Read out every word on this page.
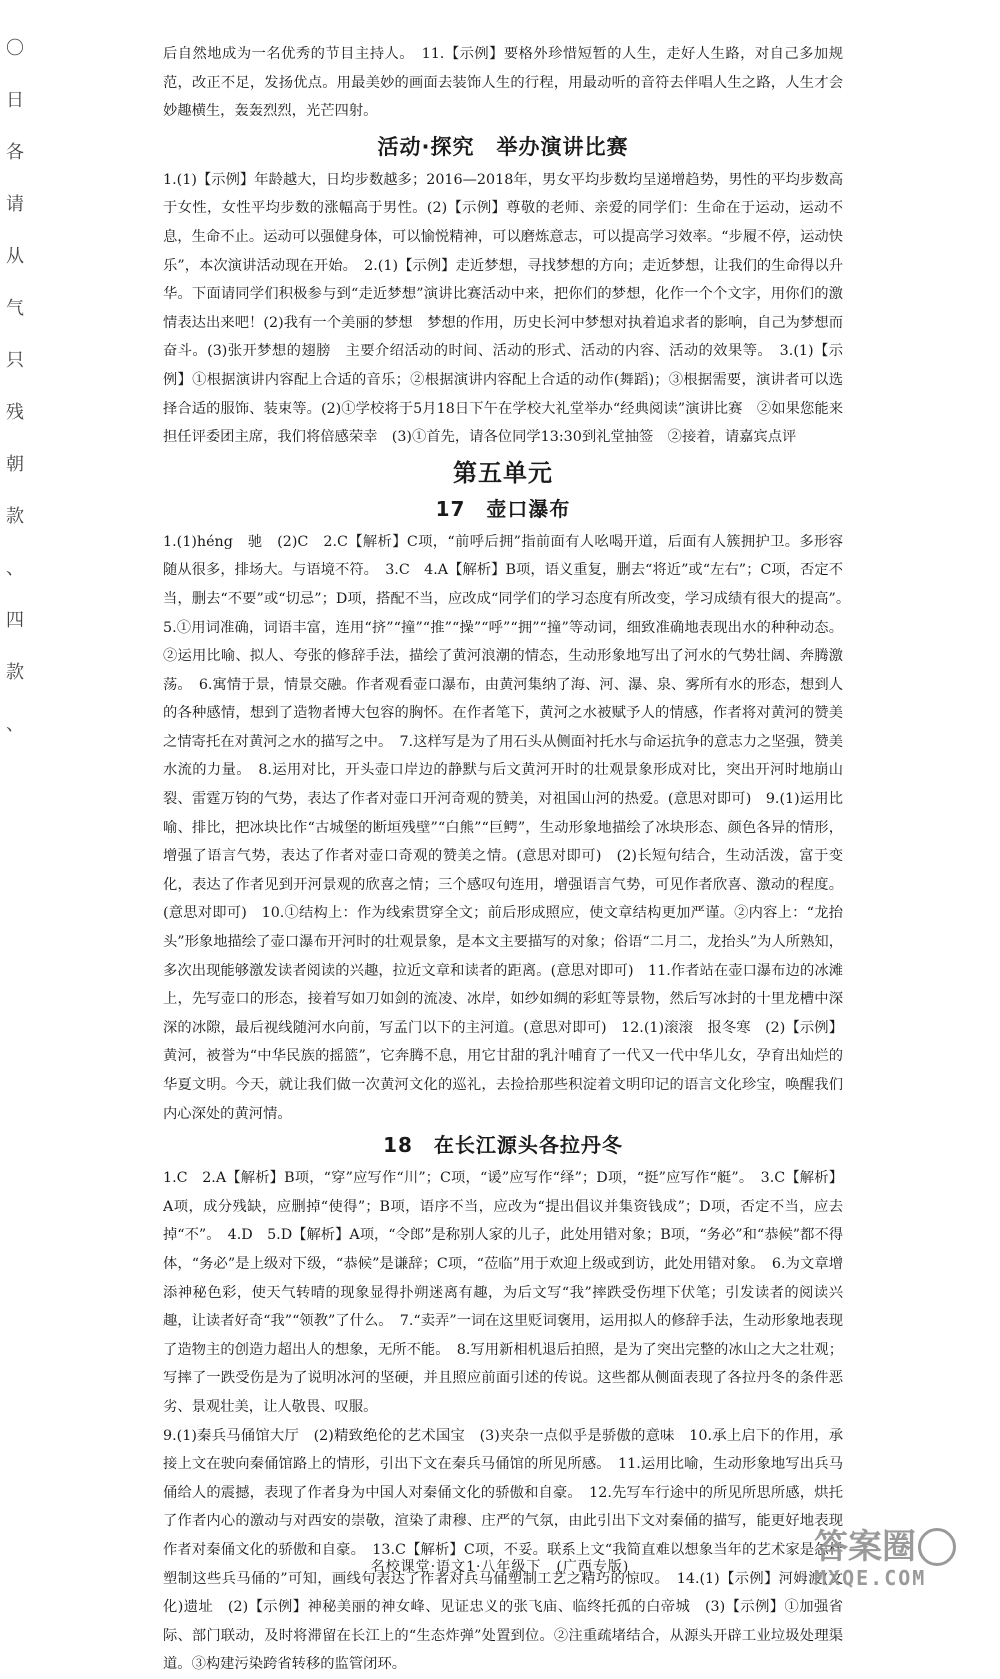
〇
日
各
请
从
气
只
残
朝
款
、
四
款
、

后自然地成为一名优秀的节目主持人。　11.【示例】要格外珍惜短暂的人生，走好人生路，对自己多加规范，改正不足，发扬优点。用最美妙的画面去装饰人生的行程，用最动听的音符去伴唱人生之路，人生才会妙趣横生，轰轰烈烈，光芒四射。

活动·探究　举办演讲比赛

1.(1)【示例】年龄越大，日均步数越多；2016—2018年，男女平均步数均呈递增趋势，男性的平均步数高于女性，女性平均步数的涨幅高于男性。(2)【示例】尊敬的老师、亲爱的同学们：生命在于运动，运动不息，生命不止。运动可以强健身体，可以愉悦精神，可以磨炼意志，可以提高学习效率。“步履不停，运动快乐”，本次演讲活动现在开始。　2.(1)【示例】走近梦想，寻找梦想的方向；走近梦想，让我们的生命得以升华。下面请同学们积极参与到“走近梦想”演讲比赛活动中来，把你们的梦想，化作一个个文字，用你们的激情表达出来吧！(2)我有一个美丽的梦想　梦想的作用，历史长河中梦想对执着追求者的影响，自己为梦想而奋斗。(3)张开梦想的翅膀　主要介绍活动的时间、活动的形式、活动的内容、活动的效果等。　3.(1)【示例】①根据演讲内容配上合适的音乐；②根据演讲内容配上合适的动作(舞蹈)；③根据需要，演讲者可以选择合适的服饰、装束等。(2)①学校将于5月18日下午在学校大礼堂举办“经典阅读”演讲比赛　②如果您能来担任评委团主席，我们将倍感荣幸　(3)①首先，请各位同学13:30到礼堂抽签　②接着，请嘉宾点评

第五单元
17　壶口瀑布

1.(1)héng　驰　(2)C　2.C【解析】C项，“前呼后拥”指前面有人吆喝开道，后面有人簇拥护卫。多形容随从很多，排场大。与语境不符。　3.C　4.A【解析】B项，语义重复，删去“将近”或“左右”；C项，否定不当，删去“不要”或“切忌”；D项，搭配不当，应改成“同学们的学习态度有所改变，学习成绩有很大的提高”。　5.①用词准确，词语丰富，连用“挤”“撞”“推”“操”“呼”“拥”“撞”等动词，细致准确地表现出水的种种动态。②运用比喻、拟人、夸张的修辞手法，描绘了黄河浪潮的情态，生动形象地写出了河水的气势壮阔、奔腾激荡。　6.寓情于景，情景交融。作者观看壶口瀑布，由黄河集纳了海、河、瀑、泉、雾所有水的形态，想到人的各种感情，想到了造物者博大包容的胸怀。在作者笔下，黄河之水被赋予人的情感，作者将对黄河的赞美之情寄托在对黄河之水的描写之中。　7.这样写是为了用石头从侧面衬托水与命运抗争的意志力之坚强，赞美水流的力量。　8.运用对比，开头壶口岸边的静默与后文黄河开时的壮观景象形成对比，突出开河时地崩山裂、雷霆万钧的气势，表达了作者对壶口开河奇观的赞美，对祖国山河的热爱。(意思对即可)　9.(1)运用比喻、排比，把冰块比作“古城堡的断垣残壁”“白熊”“巨鳄”，生动形象地描绘了冰块形态、颜色各异的情形，增强了语言气势，表达了作者对壶口奇观的赞美之情。(意思对即可)　(2)长短句结合，生动活泼，富于变化，表达了作者见到开河景观的欣喜之情；三个感叹句连用，增强语言气势，可见作者欣喜、激动的程度。(意思对即可)　10.①结构上：作为线索贯穿全文；前后形成照应，使文章结构更加严谨。②内容上：“龙抬头”形象地描绘了壶口瀑布开河时的壮观景象，是本文主要描写的对象；俗语“二月二，龙抬头”为人所熟知，多次出现能够激发读者阅读的兴趣，拉近文章和读者的距离。(意思对即可)　11.作者站在壶口瀑布边的冰滩上，先写壶口的形态，接着写如刀如剑的流凌、冰岸，如纱如绸的彩虹等景物，然后写冰封的十里龙槽中深深的冰隙，最后视线随河水向前，写孟门以下的主河道。(意思对即可)　12.(1)滚滚　报冬寒　(2)【示例】黄河，被誉为“中华民族的摇篮”，它奔腾不息，用它甘甜的乳汁哺育了一代又一代中华儿女，孕育出灿烂的华夏文明。今天，就让我们做一次黄河文化的巡礼，去捡拾那些积淀着文明印记的语言文化珍宝，唤醒我们内心深处的黄河情。

18　在长江源头各拉丹冬

1.C　2.A【解析】B项，“穿”应写作“川”；C项，“谖”应写作“绎”；D项，“挺”应写作“艇”。　3.C【解析】A项，成分残缺，应删掉“使得”；B项，语序不当，应改为“提出倡议并集资钱成”；D项，否定不当，应去掉“不”。　4.D　5.D【解析】A项，“令郎”是称别人家的儿子，此处用错对象；B项，“务必”和“恭候”都不得体，“务必”是上级对下级，“恭候”是谦辞；C项，“莅临”用于欢迎上级或到访，此处用错对象。　6.为文章增添神秘色彩，使天气转晴的现象显得扑朔迷离有趣，为后文写“我”摔跌受伤埋下伏笔；引发读者的阅读兴趣，让读者好奇“我”“领教”了什么。　7.“卖弄”一词在这里贬词褒用，运用拟人的修辞手法，生动形象地表现了造物主的创造力超出人的想象，无所不能。　8.写用新相机退后拍照，是为了突出完整的冰山之大之壮观；写摔了一跌受伤是为了说明冰河的坚硬，并且照应前面引述的传说。这些都从侧面表现了各拉丹冬的条件恶劣、景观壮美，让人敬畏、叹服。

9.(1)秦兵马俑馆大厅　(2)精致绝伦的艺术国宝　(3)夹杂一点似乎是骄傲的意味　10.承上启下的作用，承接上文在驶向秦俑馆路上的情形，引出下文在秦兵马俑馆的所见所感。　11.运用比喻，生动形象地写出兵马俑给人的震撼，表现了作者身为中国人对秦俑文化的骄傲和自豪。　12.先写车行途中的所见所思所感，烘托了作者内心的激动与对西安的崇敬，渲染了肃穆、庄严的气氛，由此引出下文对秦俑的描写，能更好地表现作者对秦俑文化的骄傲和自豪。　13.C【解析】C项，不妥。联系上文“我简直难以想象当年的艺术家是怎样塑制这些兵马俑的”可知，画线句表达了作者对兵马俑塑制工艺之精巧的惊叹。　14.(1)【示例】河姆渡(文化)遗址　(2)【示例】神秘美丽的神女峰、见证忠义的张飞庙、临终托孤的白帝城　(3)【示例】①加强省际、部门联动，及时将滞留在长江上的“生态炸弹”处置到位。②注重疏堵结合，从源头开辟工业垃圾处理渠道。③构建污染跨省转移的监管闭环。

名校课堂·语文1·八年级下　(广西专版)	答案圈
MXQE.COM
